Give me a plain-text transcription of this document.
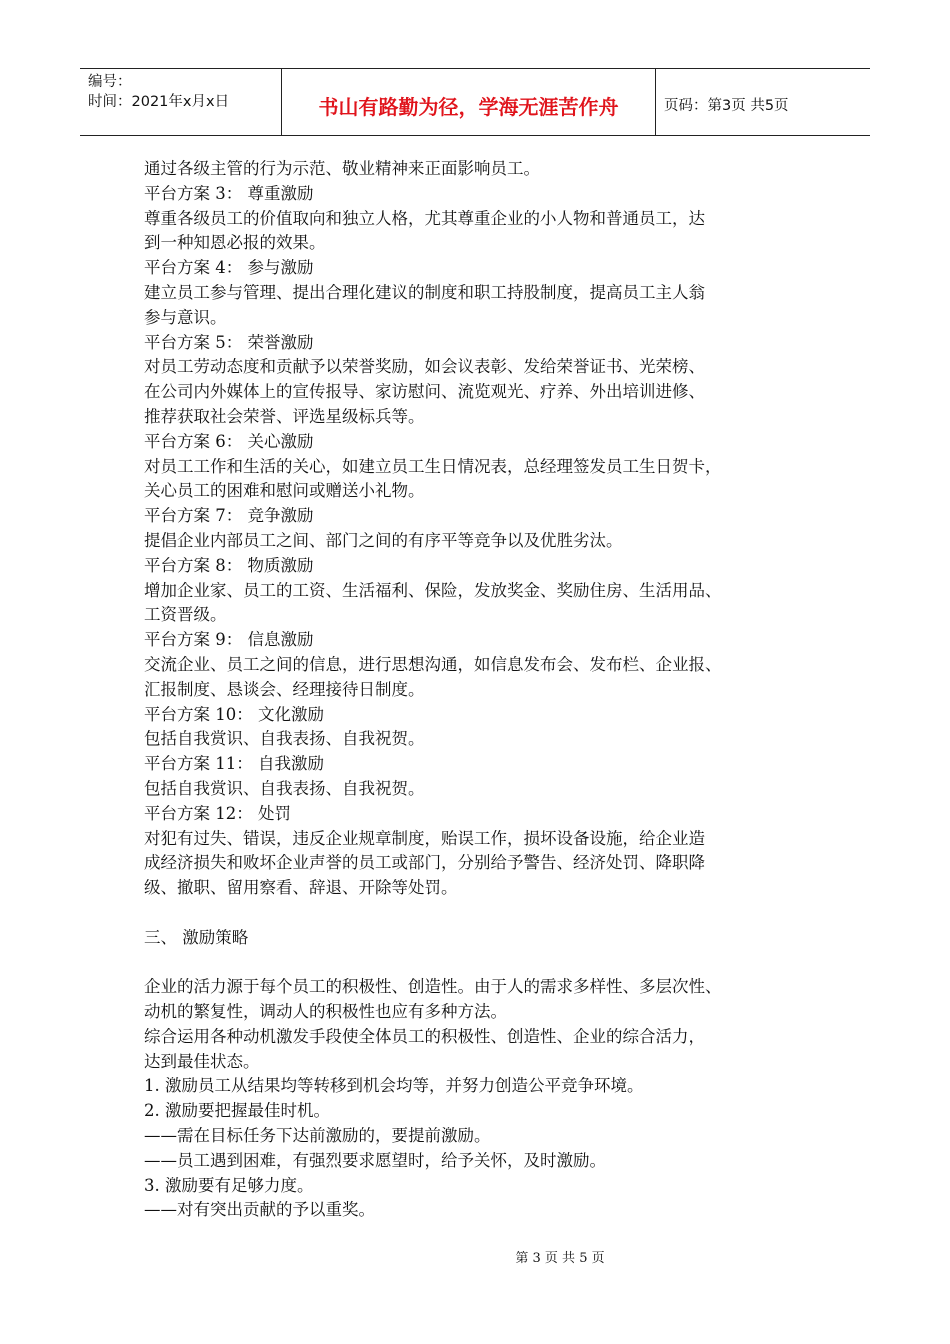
编号：
时间：2021年x月x日	书山有路勤为径，学海无涯苦作舟	页码：第3页 共5页
通过各级主管的行为示范、敬业精神来正面影响员工。
平台方案 3： 尊重激励
尊重各级员工的价值取向和独立人格，尤其尊重企业的小人物和普通员工，达
到一种知恩必报的效果。
平台方案 4： 参与激励
建立员工参与管理、提出合理化建议的制度和职工持股制度，提高员工主人翁
参与意识。
平台方案 5： 荣誉激励
对员工劳动态度和贡献予以荣誉奖励，如会议表彰、发给荣誉证书、光荣榜、
在公司内外媒体上的宣传报导、家访慰问、流览观光、疗养、外出培训进修、
推荐获取社会荣誉、评选星级标兵等。
平台方案 6： 关心激励
对员工工作和生活的关心，如建立员工生日情况表，总经理签发员工生日贺卡，
关心员工的困难和慰问或赠送小礼物。
平台方案 7： 竞争激励
提倡企业内部员工之间、部门之间的有序平等竞争以及优胜劣汰。
平台方案 8： 物质激励
增加企业家、员工的工资、生活福利、保险，发放奖金、奖励住房、生活用品、
工资晋级。
平台方案 9： 信息激励
交流企业、员工之间的信息，进行思想沟通，如信息发布会、发布栏、企业报、
汇报制度、恳谈会、经理接待日制度。
平台方案 10： 文化激励
包括自我赏识、自我表扬、自我祝贺。
平台方案 11： 自我激励
包括自我赏识、自我表扬、自我祝贺。
平台方案 12： 处罚
对犯有过失、错误，违反企业规章制度，贻误工作，损坏设备设施，给企业造
成经济损失和败坏企业声誉的员工或部门，分别给予警告、经济处罚、降职降
级、撤职、留用察看、辞退、开除等处罚。
三、 激励策略
企业的活力源于每个员工的积极性、创造性。由于人的需求多样性、多层次性、
动机的繁复性，调动人的积极性也应有多种方法。
综合运用各种动机激发手段使全体员工的积极性、创造性、企业的综合活力，
达到最佳状态。
1. 激励员工从结果均等转移到机会均等，并努力创造公平竞争环境。
2. 激励要把握最佳时机。
——需在目标任务下达前激励的，要提前激励。
——员工遇到困难，有强烈要求愿望时，给予关怀，及时激励。
3. 激励要有足够力度。
——对有突出贡献的予以重奖。
第 3 页 共 5 页
